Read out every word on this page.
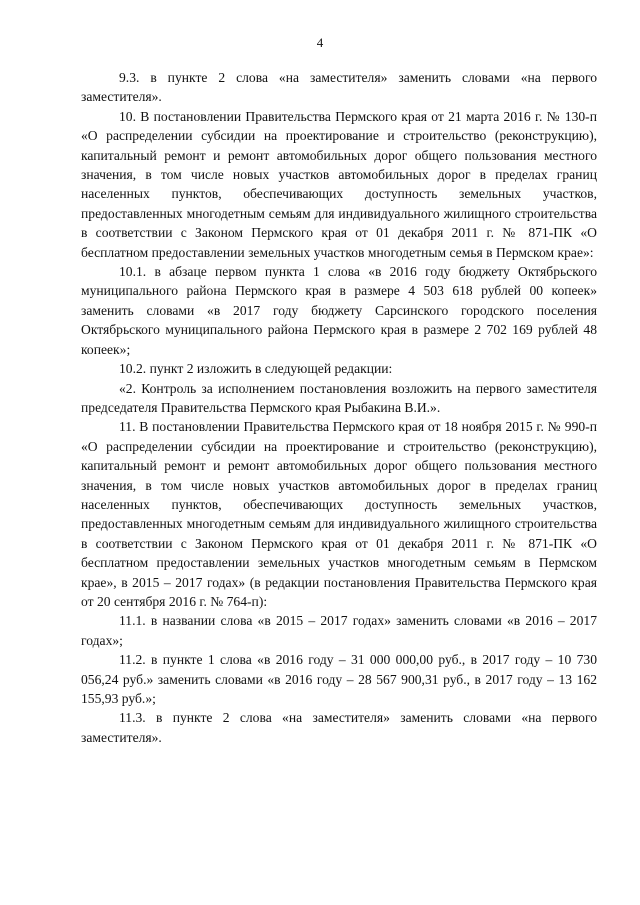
4

9.3. в пункте 2 слова «на заместителя» заменить словами «на первого заместителя».

10. В постановлении Правительства Пермского края от 21 марта 2016 г. № 130-п «О распределении субсидии на проектирование и строительство (реконструкцию), капитальный ремонт и ремонт автомобильных дорог общего пользования местного значения, в том числе новых участков автомобильных дорог в пределах границ населенных пунктов, обеспечивающих доступность земельных участков, предоставленных многодетным семьям для индивидуального жилищного строительства в соответствии с Законом Пермского края от 01 декабря 2011 г. № 871-ПК «О бесплатном предоставлении земельных участков многодетным семья в Пермском крае»:

10.1. в абзаце первом пункта 1 слова «в 2016 году бюджету Октябрьского муниципального района Пермского края в размере 4 503 618 рублей 00 копеек» заменить словами «в 2017 году бюджету Сарсинского городского поселения Октябрьского муниципального района Пермского края в размере 2 702 169 рублей 48 копеек»;

10.2. пункт 2 изложить в следующей редакции:

«2. Контроль за исполнением постановления возложить на первого заместителя председателя Правительства Пермского края Рыбакина В.И.».

11. В постановлении Правительства Пермского края от 18 ноября 2015 г. № 990-п «О распределении субсидии на проектирование и строительство (реконструкцию), капитальный ремонт и ремонт автомобильных дорог общего пользования местного значения, в том числе новых участков автомобильных дорог в пределах границ населенных пунктов, обеспечивающих доступность земельных участков, предоставленных многодетным семьям для индивидуального жилищного строительства в соответствии с Законом Пермского края от 01 декабря 2011 г. № 871-ПК «О бесплатном предоставлении земельных участков многодетным семьям в Пермском крае», в 2015 – 2017 годах» (в редакции постановления Правительства Пермского края от 20 сентября 2016 г. № 764-п):

11.1. в названии слова «в 2015 – 2017 годах» заменить словами «в 2016 – 2017 годах»;

11.2. в пункте 1 слова «в 2016 году – 31 000 000,00 руб., в 2017 году – 10 730 056,24 руб.» заменить словами «в 2016 году – 28 567 900,31 руб., в 2017 году – 13 162 155,93 руб.»;

11.3. в пункте 2 слова «на заместителя» заменить словами «на первого заместителя».
